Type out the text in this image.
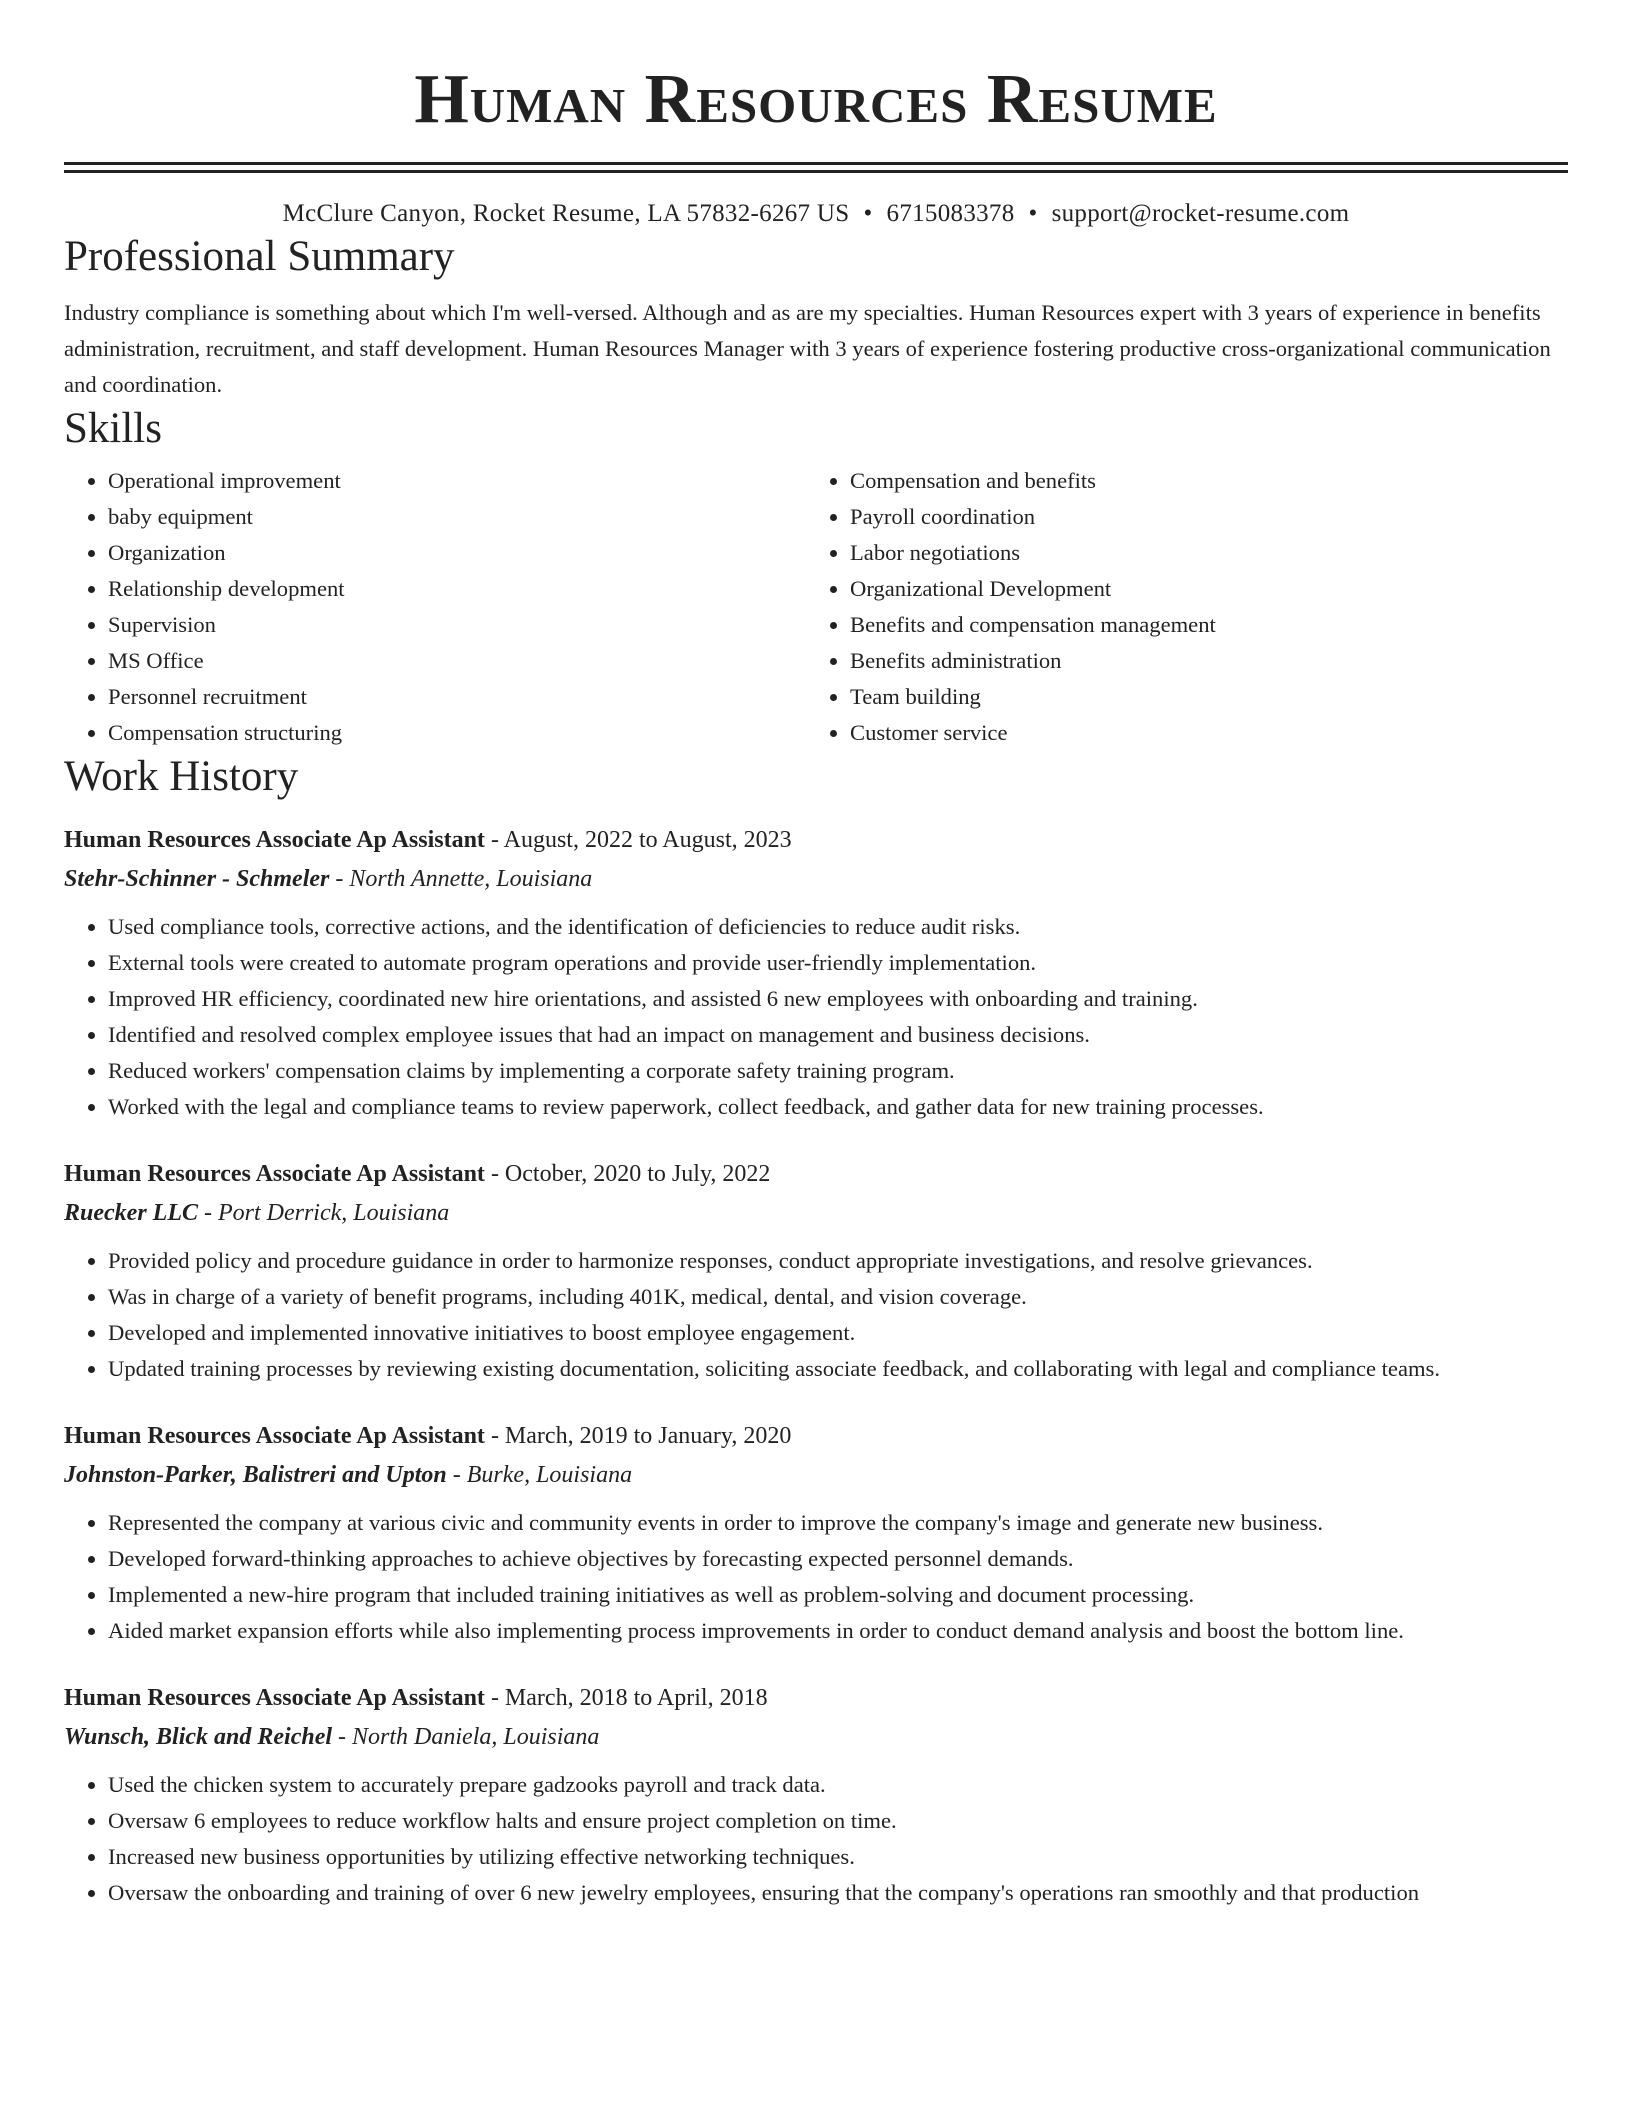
Human Resources Resume
McClure Canyon, Rocket Resume, LA 57832-6267 US • 6715083378 • support@rocket-resume.com
Professional Summary
Industry compliance is something about which I'm well-versed. Although and as are my specialties. Human Resources expert with 3 years of experience in benefits administration, recruitment, and staff development. Human Resources Manager with 3 years of experience fostering productive cross-organizational communication and coordination.
Skills
• Operational improvement
• baby equipment
• Organization
• Relationship development
• Supervision
• MS Office
• Personnel recruitment
• Compensation structuring
• Compensation and benefits
• Payroll coordination
• Labor negotiations
• Organizational Development
• Benefits and compensation management
• Benefits administration
• Team building
• Customer service
Work History
Human Resources Associate Ap Assistant - August, 2022 to August, 2023
Stehr-Schinner - Schmeler - North Annette, Louisiana
• Used compliance tools, corrective actions, and the identification of deficiencies to reduce audit risks.
• External tools were created to automate program operations and provide user-friendly implementation.
• Improved HR efficiency, coordinated new hire orientations, and assisted 6 new employees with onboarding and training.
• Identified and resolved complex employee issues that had an impact on management and business decisions.
• Reduced workers' compensation claims by implementing a corporate safety training program.
• Worked with the legal and compliance teams to review paperwork, collect feedback, and gather data for new training processes.
Human Resources Associate Ap Assistant - October, 2020 to July, 2022
Ruecker LLC - Port Derrick, Louisiana
• Provided policy and procedure guidance in order to harmonize responses, conduct appropriate investigations, and resolve grievances.
• Was in charge of a variety of benefit programs, including 401K, medical, dental, and vision coverage.
• Developed and implemented innovative initiatives to boost employee engagement.
• Updated training processes by reviewing existing documentation, soliciting associate feedback, and collaborating with legal and compliance teams.
Human Resources Associate Ap Assistant - March, 2019 to January, 2020
Johnston-Parker, Balistreri and Upton - Burke, Louisiana
• Represented the company at various civic and community events in order to improve the company's image and generate new business.
• Developed forward-thinking approaches to achieve objectives by forecasting expected personnel demands.
• Implemented a new-hire program that included training initiatives as well as problem-solving and document processing.
• Aided market expansion efforts while also implementing process improvements in order to conduct demand analysis and boost the bottom line.
Human Resources Associate Ap Assistant - March, 2018 to April, 2018
Wunsch, Blick and Reichel - North Daniela, Louisiana
• Used the chicken system to accurately prepare gadzooks payroll and track data.
• Oversaw 6 employees to reduce workflow halts and ensure project completion on time.
• Increased new business opportunities by utilizing effective networking techniques.
• Oversaw the onboarding and training of over 6 new jewelry employees, ensuring that the company's operations ran smoothly and that production
